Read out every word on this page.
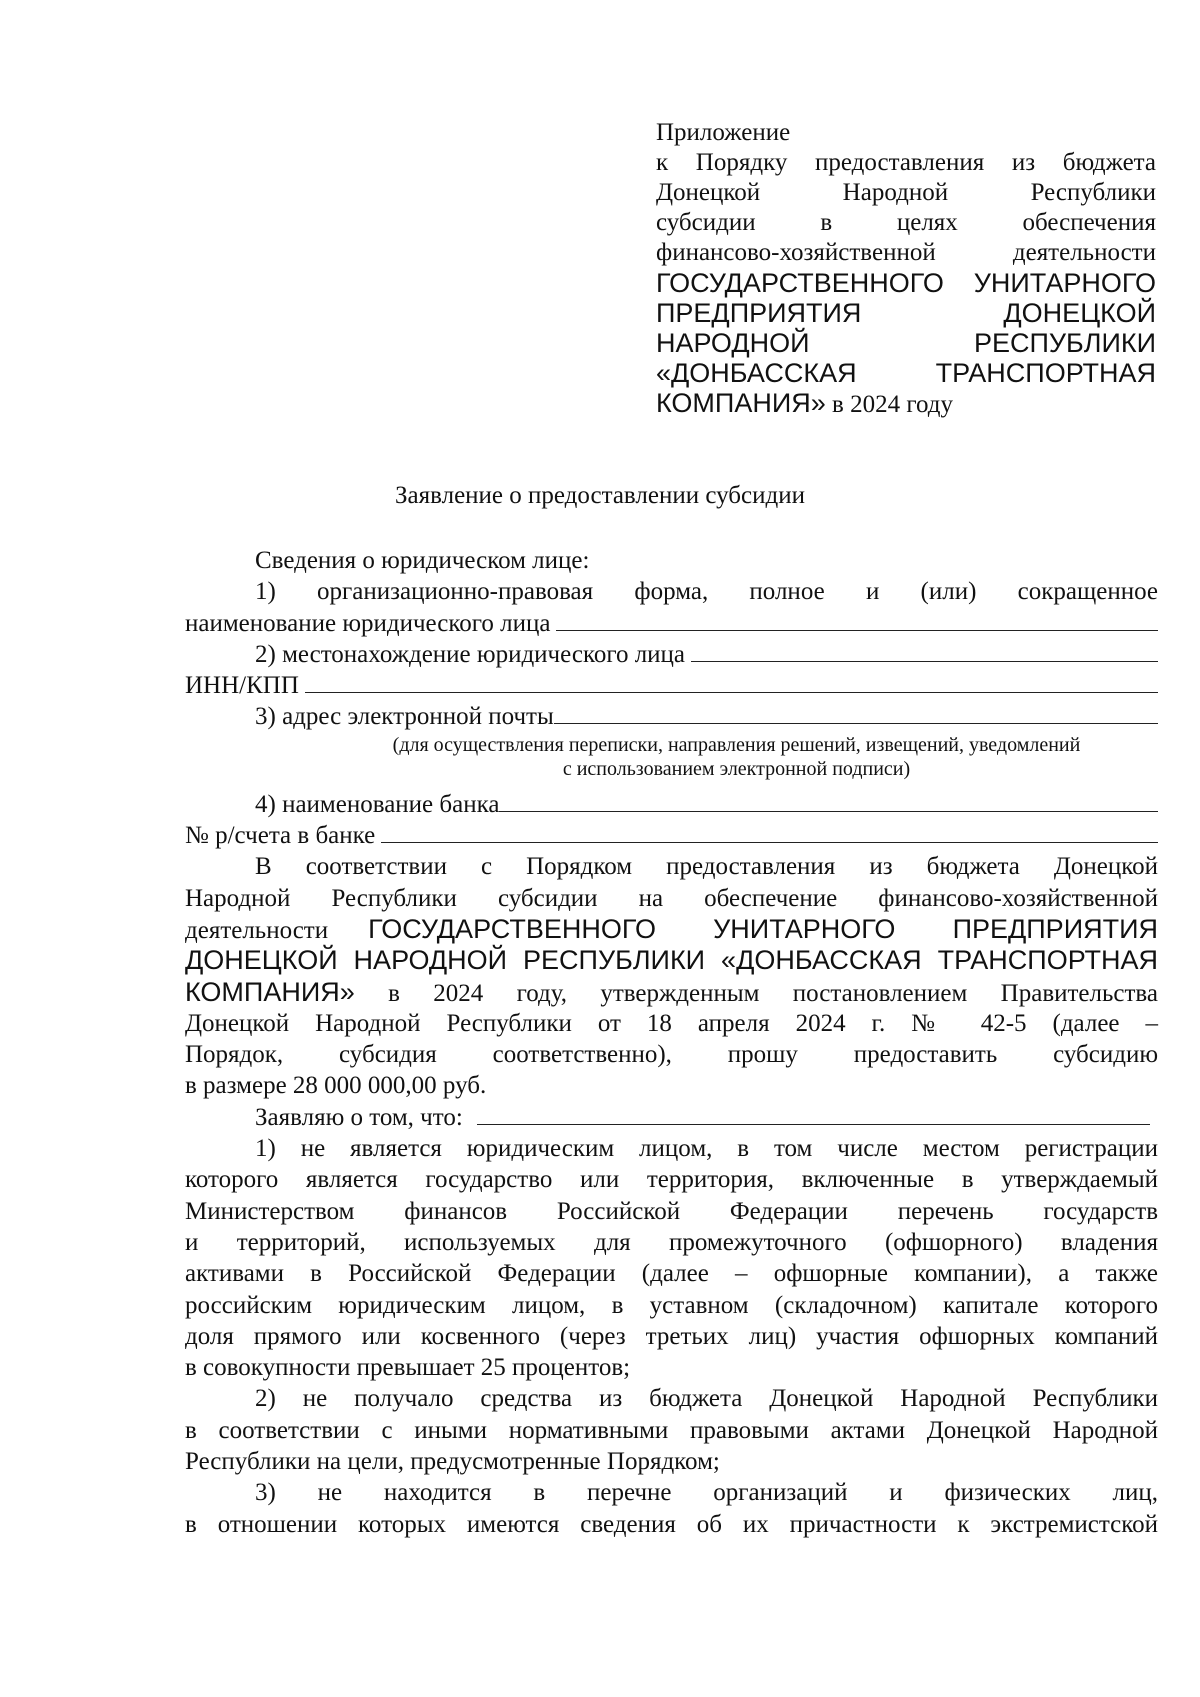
Приложение
к Порядку предоставления из бюджета
Донецкой Народной Республики
субсидии в целях обеспечения
финансово-хозяйственной деятельности
ГОСУДАРСТВЕННОГО УНИТАРНОГО
ПРЕДПРИЯТИЯ ДОНЕЦКОЙ
НАРОДНОЙ РЕСПУБЛИКИ
«ДОНБАССКАЯ ТРАНСПОРТНАЯ
КОМПАНИЯ» в 2024 году
Заявление о предоставлении субсидии
Сведения о юридическом лице:
1) организационно-правовая форма, полное и (или) сокращенное
наименование юридического лица
2) местонахождение юридического лица
ИНН/КПП
3) адрес электронной почты
(для осуществления переписки, направления решений, извещений, уведомлений
с использованием электронной подписи)
4) наименование банка
№ р/счета в банке
В соответствии с Порядком предоставления из бюджета Донецкой
Народной Республики субсидии на обеспечение финансово-хозяйственной
деятельности ГОСУДАРСТВЕННОГО УНИТАРНОГО ПРЕДПРИЯТИЯ
ДОНЕЦКОЙ НАРОДНОЙ РЕСПУБЛИКИ «ДОНБАССКАЯ ТРАНСПОРТНАЯ
КОМПАНИЯ» в 2024 году, утвержденным постановлением Правительства
Донецкой Народной Республики от 18 апреля 2024 г. № 42-5 (далее –
Порядок, субсидия соответственно), прошу предоставить субсидию
в размере 28 000 000,00 руб.
Заявляю о том, что:
1) не является юридическим лицом, в том числе местом регистрации
которого является государство или территория, включенные в утверждаемый
Министерством финансов Российской Федерации перечень государств
и территорий, используемых для промежуточного (офшорного) владения
активами в Российской Федерации (далее – офшорные компании), а также
российским юридическим лицом, в уставном (складочном) капитале которого
доля прямого или косвенного (через третьих лиц) участия офшорных компаний
в совокупности превышает 25 процентов;
2) не получало средства из бюджета Донецкой Народной Республики
в соответствии с иными нормативными правовыми актами Донецкой Народной
Республики на цели, предусмотренные Порядком;
3) не находится в перечне организаций и физических лиц,
в отношении которых имеются сведения об их причастности к экстремистской
